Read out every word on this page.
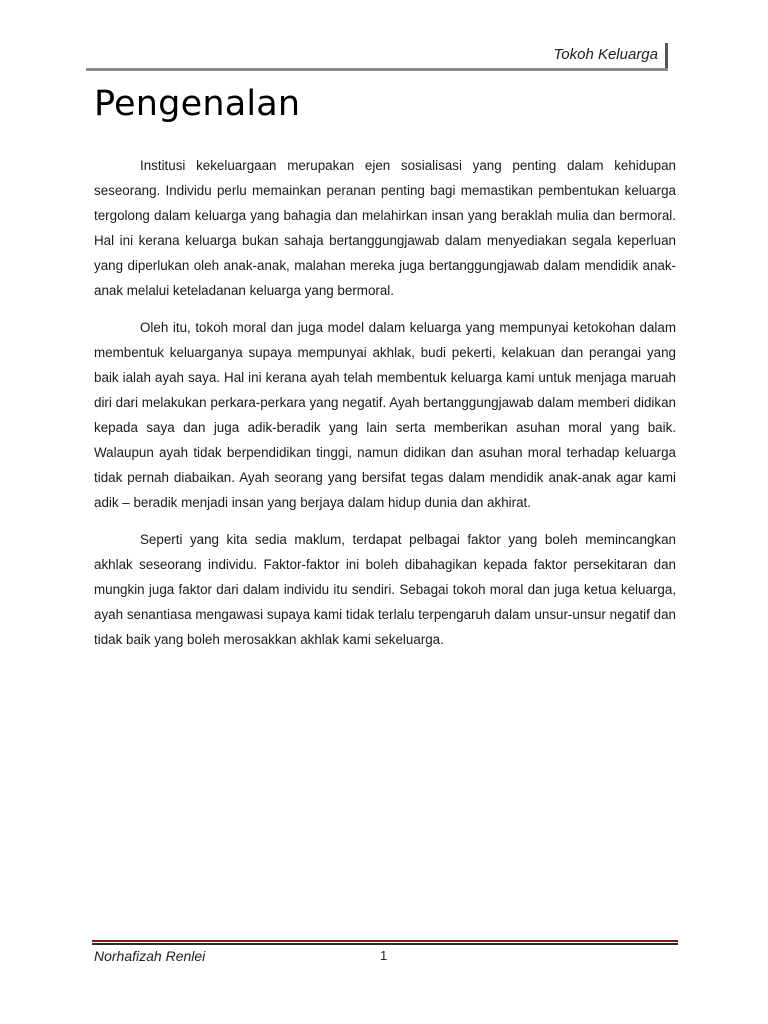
Tokoh Keluarga
Pengenalan

Institusi kekeluargaan merupakan ejen sosialisasi yang penting dalam kehidupan seseorang. Individu perlu memainkan peranan penting bagi memastikan pembentukan keluarga tergolong dalam keluarga yang bahagia dan melahirkan insan yang beraklah mulia dan bermoral. Hal ini kerana keluarga bukan sahaja bertanggungjawab dalam menyediakan segala keperluan yang diperlukan oleh anak-anak, malahan mereka juga bertanggungjawab dalam mendidik anak-anak melalui keteladanan keluarga yang bermoral.

Oleh itu, tokoh moral dan juga model dalam keluarga yang mempunyai ketokohan dalam membentuk keluarganya supaya mempunyai akhlak, budi pekerti, kelakuan dan perangai yang baik ialah ayah saya. Hal ini kerana ayah telah membentuk keluarga kami untuk menjaga maruah diri dari melakukan perkara-perkara yang negatif. Ayah bertanggungjawab dalam memberi didikan kepada saya dan juga adik-beradik yang lain serta memberikan asuhan moral yang baik. Walaupun ayah tidak berpendidikan tinggi, namun didikan dan asuhan moral terhadap keluarga tidak pernah diabaikan. Ayah seorang yang bersifat tegas dalam mendidik anak-anak agar kami adik – beradik menjadi insan yang berjaya dalam hidup dunia dan akhirat.

Seperti yang kita sedia maklum, terdapat pelbagai faktor yang boleh memincangkan akhlak seseorang individu. Faktor-faktor ini boleh dibahagikan kepada faktor persekitaran dan mungkin juga faktor dari dalam individu itu sendiri. Sebagai tokoh moral dan juga ketua keluarga, ayah senantiasa mengawasi supaya kami tidak terlalu terpengaruh dalam unsur-unsur negatif dan tidak baik yang boleh merosakkan akhlak kami sekeluarga.

Norhafizah Renlei	1
